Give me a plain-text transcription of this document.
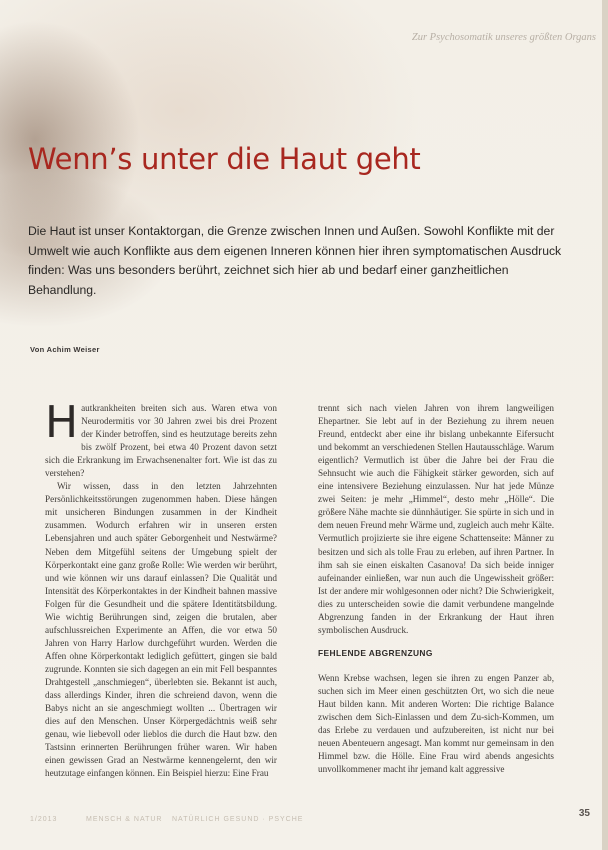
Zur Psychosomatik unseres größten Organs
Wenn’s unter die Haut geht

Die Haut ist unser Kontaktorgan, die Grenze zwischen Innen und Außen. Sowohl Konflikte mit der Umwelt wie auch Konflikte aus dem eigenen Inneren können hier ihren symptomatischen Ausdruck finden: Was uns besonders berührt, zeichnet sich hier ab und bedarf einer ganzheitlichen Behandlung.

Von Achim Weiser

Hautkrankheiten breiten sich aus. Waren etwa von Neurodermitis vor 30 Jahren zwei bis drei Prozent der Kinder betroffen, sind es heutzutage bereits zehn bis zwölf Prozent, bei etwa 40 Prozent davon setzt sich die Erkrankung im Erwachsenenalter fort. Wie ist das zu verstehen?

Wir wissen, dass in den letzten Jahrzehnten Persönlichkeitsstörungen zugenommen haben. Diese hängen mit unsicheren Bindungen zusammen in der Kindheit zusammen. Wodurch erfahren wir in unseren ersten Lebensjahren und auch später Geborgenheit und Nestwärme? Neben dem Mitgefühl seitens der Umgebung spielt der Körperkontakt eine ganz große Rolle: Wie werden wir berührt, und wie können wir uns darauf einlassen? Die Qualität und Intensität des Körperkontaktes in der Kindheit bahnen massive Folgen für die Gesundheit und die spätere Identitätsbildung. Wie wichtig Berührungen sind, zeigen die brutalen, aber aufschlussreichen Experimente an Affen, die vor etwa 50 Jahren von Harry Harlow durchgeführt wurden. Werden die Affen ohne Körperkontakt lediglich gefüttert, gingen sie bald zugrunde. Konnten sie sich dagegen an ein mit Fell bespanntes Drahtgestell „anschmiegen“, überlebten sie. Bekannt ist auch, dass allerdings Kinder, ihren die schreiend davon, wenn die Babys nicht an sie angeschmiegt wollten ... Übertragen wir dies auf den Menschen. Unser Körpergedächtnis weiß sehr genau, wie liebevoll oder lieblos die durch die Haut bzw. den Tastsinn erinnerten Berührungen früher waren. Wir haben einen gewissen Grad an Nestwärme kennengelernt, den wir heutzutage einfangen können. Ein Beispiel hierzu: Eine Frau

trennt sich nach vielen Jahren von ihrem langweiligen Ehepartner. Sie lebt auf in der Beziehung zu ihrem neuen Freund, entdeckt aber eine ihr bislang unbekannte Eifersucht und bekommt an verschiedenen Stellen Hautausschläge. Warum eigentlich? Vermutlich ist über die Jahre bei der Frau die Sehnsucht wie auch die Fähigkeit stärker geworden, sich auf eine intensivere Beziehung einzulassen. Nur hat jede Münze zwei Seiten: je mehr „Himmel“, desto mehr „Hölle“. Die größere Nähe machte sie dünnhäutiger. Sie spürte in sich und in dem neuen Freund mehr Wärme und, zugleich auch mehr Kälte. Vermutlich projizierte sie ihre eigene Schattenseite: Männer zu besitzen und sich als tolle Frau zu erleben, auf ihren Partner. In ihm sah sie einen eiskalten Casanova! Da sich beide inniger aufeinander einließen, war nun auch die Ungewissheit größer: Ist der andere mir wohlgesonnen oder nicht? Die Schwierigkeit, dies zu unterscheiden sowie die damit verbundene mangelnde Abgrenzung fanden in der Erkrankung der Haut ihren symbolischen Ausdruck.

FEHLENDE ABGRENZUNG

Wenn Krebse wachsen, legen sie ihren zu engen Panzer ab, suchen sich im Meer einen geschützten Ort, wo sich die neue Haut bilden kann. Mit anderen Worten: Die richtige Balance zwischen dem Sich-Einlassen und dem Zu-sich-Kommen, um das Erlebe zu verdauen und aufzubereiten, ist nicht nur bei neuen Abenteuern angesagt. Man kommt nur gemeinsam in den Himmel bzw. die Hölle. Eine Frau wird abends angesichts unvollkommener macht ihr jemand kalt aggressive

1/2013	MENSCH & NATUR NATÜRLICH GESUND · PSYCHE
35
